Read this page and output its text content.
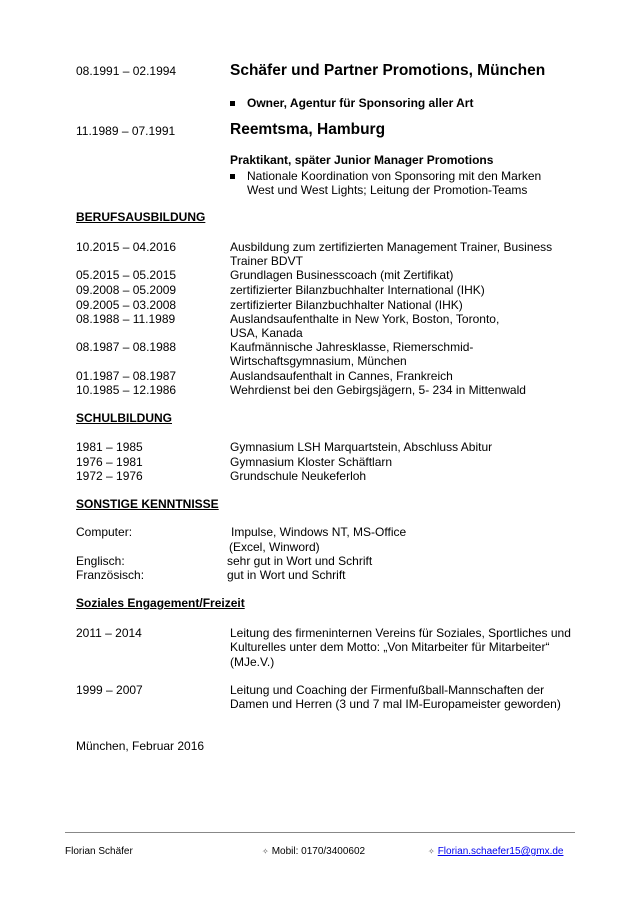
08.1991 – 02.1994	Schäfer und Partner Promotions, München
Owner, Agentur für Sponsoring aller Art
11.1989 – 07.1991	Reemtsma, Hamburg
Praktikant, später Junior Manager Promotions
Nationale Koordination von Sponsoring mit den Marken
West und West Lights; Leitung der Promotion-Teams
BERUFSAUSBILDUNG
10.2015 – 04.2016	Ausbildung zum zertifizierten Management Trainer, Business
Trainer BDVT
05.2015 – 05.2015	Grundlagen Businesscoach (mit Zertifikat)
09.2008 – 05.2009	zertifizierter Bilanzbuchhalter International (IHK)
09.2005 – 03.2008	zertifizierter Bilanzbuchhalter National (IHK)
08.1988 – 11.1989	Auslandsaufenthalte in New York, Boston, Toronto,
USA, Kanada
08.1987 – 08.1988	Kaufmännische Jahresklasse, Riemerschmid-
Wirtschaftsgymnasium, München
01.1987 – 08.1987	Auslandsaufenthalt in Cannes, Frankreich
10.1985 – 12.1986	Wehrdienst bei den Gebirgsjägern, 5- 234 in Mittenwald
SCHULBILDUNG
1981 – 1985	Gymnasium LSH Marquartstein, Abschluss Abitur
1976 – 1981	Gymnasium Kloster Schäftlarn
1972 – 1976	Grundschule Neukeferloh
SONSTIGE KENNTNISSE
Computer:	Impulse, Windows NT, MS-Office
(Excel, Winword)
Englisch:	sehr gut in Wort und Schrift
Französisch:	gut in Wort und Schrift
Soziales Engagement/Freizeit
2011 – 2014	Leitung des firmeninternen Vereins für Soziales, Sportliches und
Kulturelles unter dem Motto: „Von Mitarbeiter für Mitarbeiter“
(MJe.V.)
1999 – 2007	Leitung und Coaching der Firmenfußball-Mannschaften der
Damen und Herren (3 und 7 mal IM-Europameister geworden)
München, Februar 2016
Florian Schäfer	✧ Mobil: 0170/3400602	✧ Florian.schaefer15@gmx.de
